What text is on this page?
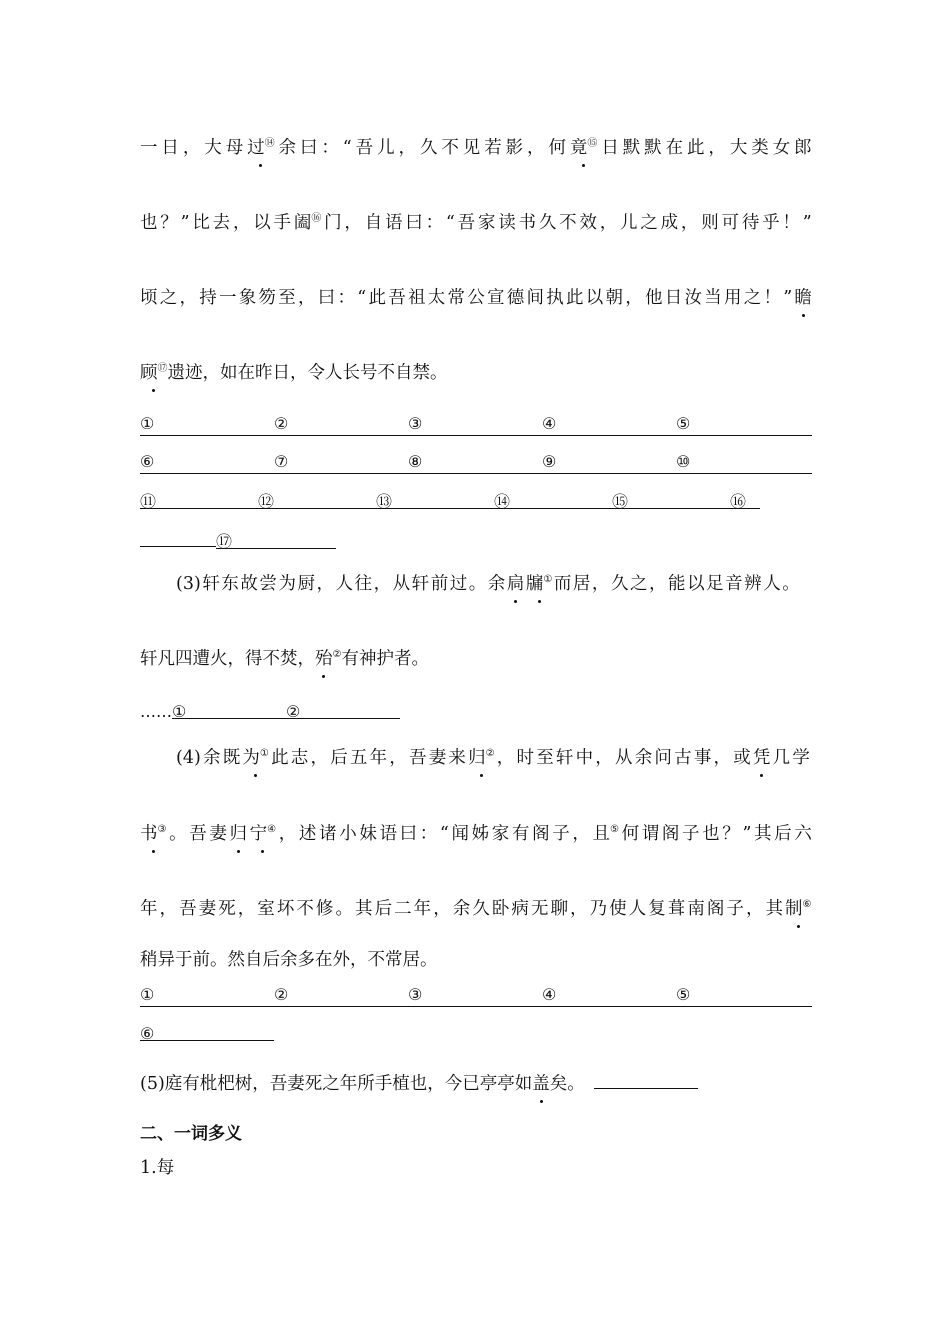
一 日 ， 大 母 过⑭ 余 曰 ： “ 吾 儿 ， 久 不 见 若 影 ， 何 竟⑮ 日 默 默 在 此 ， 大 类 女 郎
也 ？ ” 比 去 ， 以 手 阖⑯ 门 ， 自 语 曰 ： “ 吾 家 读 书 久 不 效 ， 儿 之 成 ， 则 可 待 乎 ！ ”
顷 之 ， 持 一 象 笏 至 ， 曰 ： “ 此 吾 祖 太 常 公 宣 德 间 执 此 以 朝 ， 他 日 汝 当 用 之 ！ ” 瞻
顾⑰遗迹，如在昨日，令人长号不自禁。
①	②	③	④	⑤
⑥	⑦	⑧	⑨	⑩
⑪	⑫	⑬	⑭	⑮	⑯
⑰
(3) 轩 东 故 尝 为 厨 ， 人 往 ， 从 轩 前 过 。 余 扃 牖① 而 居 ， 久 之 ， 能 以 足 音 辨 人 。
轩凡四遭火，得不焚，殆②有神护者。
……①	②
(4) 余 既 为① 此 志 ， 后 五 年 ， 吾 妻 来 归② ， 时 至 轩 中 ， 从 余 问 古 事 ， 或 凭 几 学
书③ 。 吾 妻 归 宁④ ， 述 诸 小 妹 语 曰 ： “ 闻 姊 家 有 阁 子 ， 且⑤ 何 谓 阁 子 也 ？ ” 其 后 六
年 ， 吾 妻 死 ， 室 坏 不 修 。 其 后 二 年 ， 余 久 卧 病 无 聊 ， 乃 使 人 复 葺 南 阁 子 ， 其 制⑥
稍异于前。然自后余多在外，不常居。
①	②	③	④	⑤
⑥
(5)庭有枇杷树，吾妻死之年所手植也，今已亭亭如盖矣。
二、一词多义
1.每
